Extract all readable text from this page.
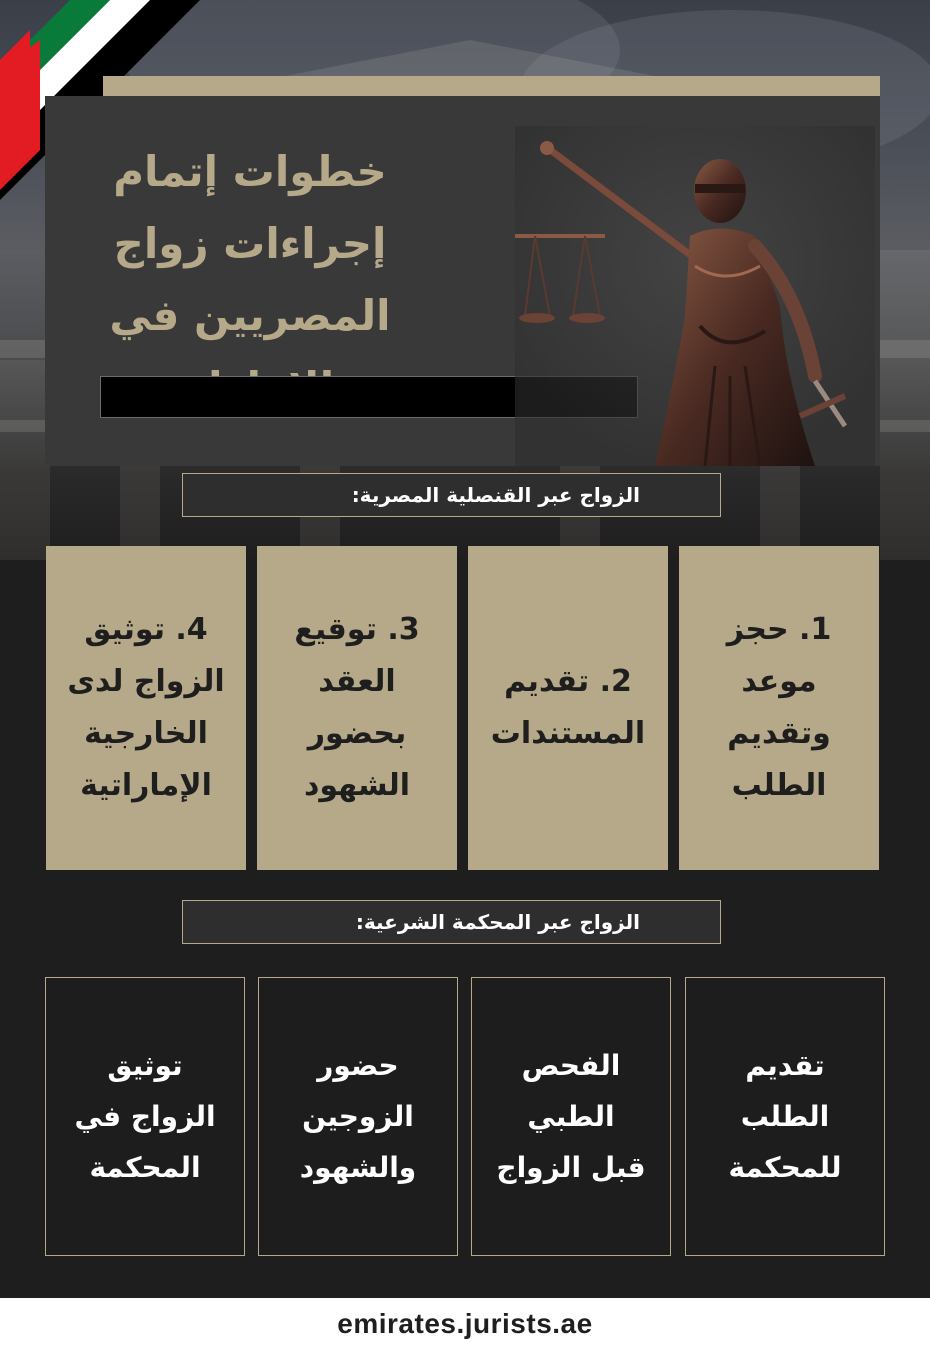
خطوات إتمام
إجراءات زواج
المصريين في
الزواج عبر القنصلية المصرية:
1. حجز
موعد
وتقديم
الطلب
2. تقديم
المستندات
3. توقيع
العقد
بحضور
الشهود
4. توثيق
الزواج لدى
الخارجية
الإماراتية
الزواج عبر المحكمة الشرعية:
تقديم
الطلب
للمحكمة
الفحص
الطبي
قبل الزواج
حضور
الزوجين
والشهود
توثيق
الزواج في
المحكمة
emirates.jurists.ae
